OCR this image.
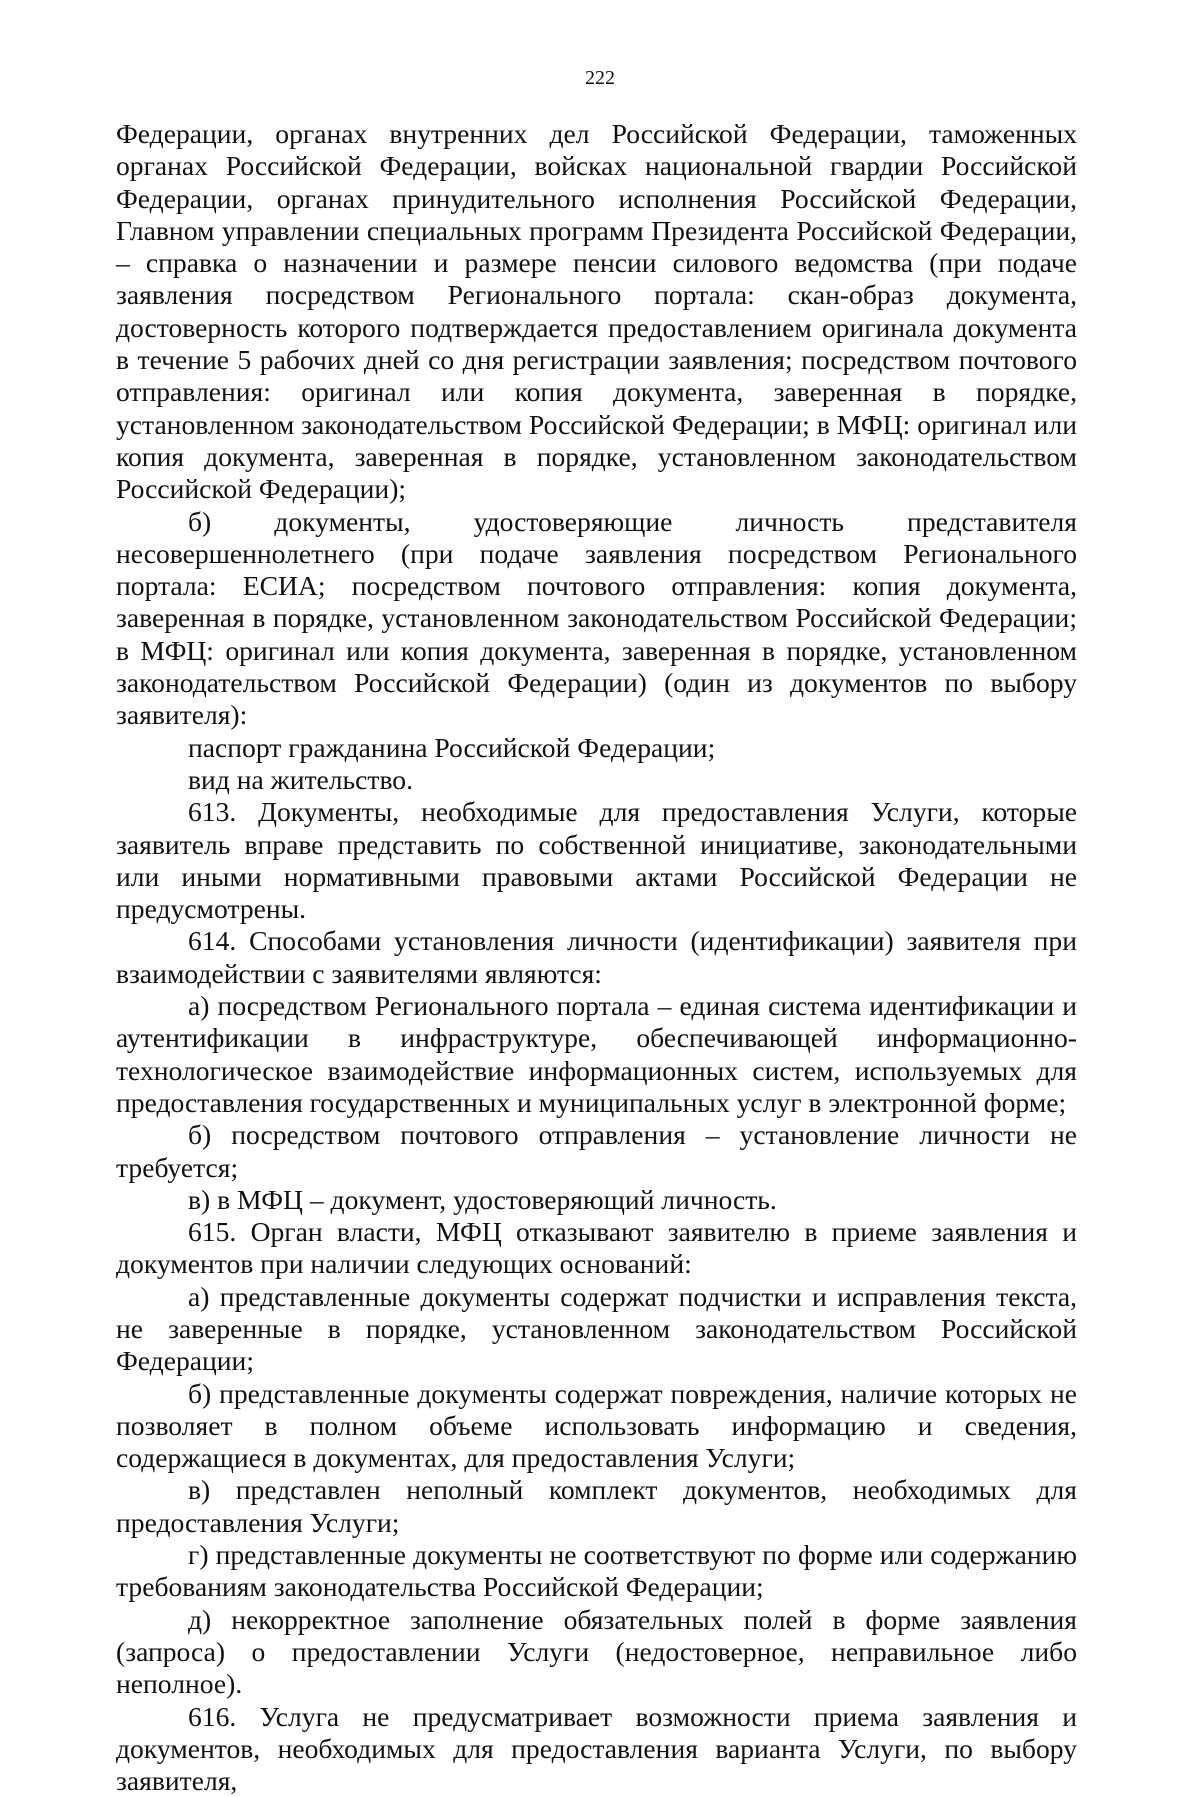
222

Федерации, органах внутренних дел Российской Федерации, таможенных органах Российской Федерации, войсках национальной гвардии Российской Федерации, органах принудительного исполнения Российской Федерации, Главном управлении специальных программ Президента Российской Федерации, – справка о назначении и размере пенсии силового ведомства (при подаче заявления посредством Регионального портала: скан-образ документа, достоверность которого подтверждается предоставлением оригинала документа в течение 5 рабочих дней со дня регистрации заявления; посредством почтового отправления: оригинал или копия документа, заверенная в порядке, установленном законодательством Российской Федерации; в МФЦ: оригинал или копия документа, заверенная в порядке, установленном законодательством Российской Федерации);

б) документы, удостоверяющие личность представителя несовершеннолетнего (при подаче заявления посредством Регионального портала: ЕСИА; посредством почтового отправления: копия документа, заверенная в порядке, установленном законодательством Российской Федерации; в МФЦ: оригинал или копия документа, заверенная в порядке, установленном законодательством Российской Федерации) (один из документов по выбору заявителя):

паспорт гражданина Российской Федерации;

вид на жительство.

613. Документы, необходимые для предоставления Услуги, которые заявитель вправе представить по собственной инициативе, законодательными или иными нормативными правовыми актами Российской Федерации не предусмотрены.

614. Способами установления личности (идентификации) заявителя при взаимодействии с заявителями являются:

а) посредством Регионального портала – единая система идентификации и аутентификации в инфраструктуре, обеспечивающей информационно-технологическое взаимодействие информационных систем, используемых для предоставления государственных и муниципальных услуг в электронной форме;

б) посредством почтового отправления – установление личности не требуется;

в) в МФЦ – документ, удостоверяющий личность.

615. Орган власти, МФЦ отказывают заявителю в приеме заявления и документов при наличии следующих оснований:

а) представленные документы содержат подчистки и исправления текста, не заверенные в порядке, установленном законодательством Российской Федерации;

б) представленные документы содержат повреждения, наличие которых не позволяет в полном объеме использовать информацию и сведения, содержащиеся в документах, для предоставления Услуги;

в) представлен неполный комплект документов, необходимых для предоставления Услуги;

г) представленные документы не соответствуют по форме или содержанию требованиям законодательства Российской Федерации;

д) некорректное заполнение обязательных полей в форме заявления (запроса) о предоставлении Услуги (недостоверное, неправильное либо неполное).

616. Услуга не предусматривает возможности приема заявления и документов, необходимых для предоставления варианта Услуги, по выбору заявителя,
